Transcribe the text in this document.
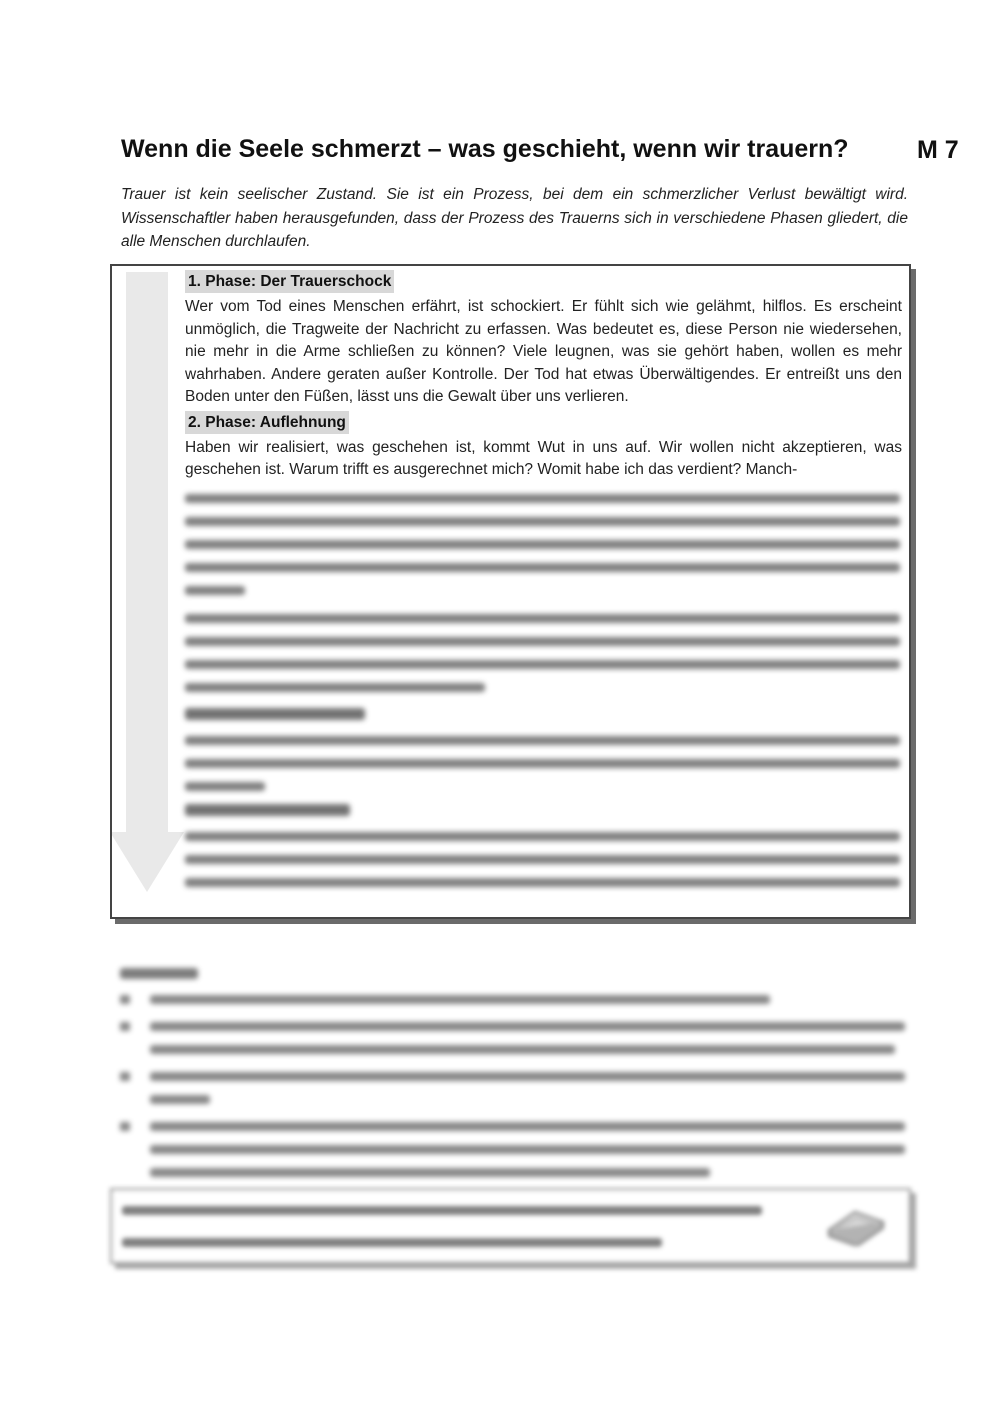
Wenn die Seele schmerzt – was geschieht, wenn wir trauern?	M 7
Trauer ist kein seelischer Zustand. Sie ist ein Prozess, bei dem ein schmerzlicher Verlust bewältigt wird. Wissenschaftler haben herausgefunden, dass der Prozess des Trauerns sich in verschiedene Phasen gliedert, die alle Menschen durchlaufen.
1. Phase: Der Trauerschock
Wer vom Tod eines Menschen erfährt, ist schockiert. Er fühlt sich wie gelähmt, hilflos. Es erscheint unmöglich, die Tragweite der Nachricht zu erfassen. Was bedeutet es, diese Person nie wiedersehen, nie mehr in die Arme schließen zu können? Viele leugnen, was sie gehört haben, wollen es mehr wahrhaben. Andere geraten außer Kontrolle. Der Tod hat etwas Überwältigendes. Er entreißt uns den Boden unter den Füßen, lässt uns die Gewalt über uns verlieren.
2. Phase: Auflehnung
Haben wir realisiert, was geschehen ist, kommt Wut in uns auf. Wir wollen nicht akzeptieren, was geschehen ist. Warum trifft es ausgerechnet mich? Womit habe ich das verdient? Manch-
